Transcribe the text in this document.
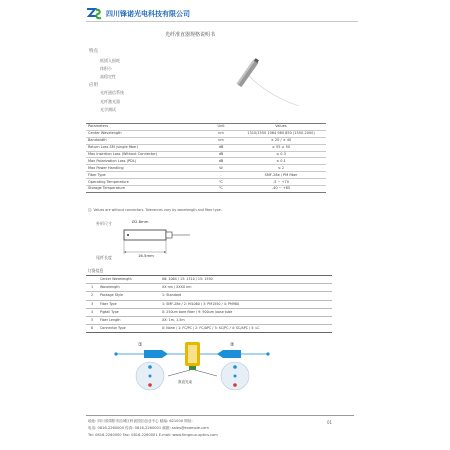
四川锋诺光电科技有限公司
光纤准直器规格说明书
特点
低插入损耗
体积小
高稳定性
应用
光纤通信系统
光纤激光器
光学测试
Parameters	Unit	Values
Center Wavelength	nm	1310/1550 1064 980 850 (1550-2000)
Bandwidth	nm	± 20 / ± 40
Return Loss SM (single fiber)	dB	≥ 55 ≥ 50
Max Insertion Loss (Without Connector)	dB	≤ 0.3
Max Polarization Loss (PDL)	dB	≤ 0.1
Max Power Handling	W	≤ 2
Fiber Type	-	SMF-28e / PM fiber
Operating Temperature	℃	-5 ~ +70
Storage Temperature	℃	-40 ~ +85
注: Values are without connectors. Tolerances vary by wavelength and fiber type.
外形尺寸	Ø2.8mm
16.5mm
尾纤长度
订货信息
	Center Wavelength	06: 1064 / 13: 1310 / 15: 1550
1	Wavelength	XX nm / XXXX nm
2	Package Style	1: Standard
3	Fiber Type	1: SMF-28e / 2: HI1060 / 3: PM1550 / 4: PM980
4	Pigtail Type	0: 250um bare fiber / 9: 900um loose tube
5	Fiber Length	XX: 1m, 1.5m
6	Connector Type	0: None / 1: FC/PC / 2: FC/APC / 3: SC/PC / 4: SC/APC / 5: LC
①	②
准直光束
地址: 四川省绵阳市涪城区科创园区创业中心 邮编: 621000 网址:
电话: 0816-2260000 传真: 0816-2260001 邮箱: sales@example.com
Tel: 0816-2260000 Fax: 0816-2260001 E-mail: www.fengnuo-optics.com
01
